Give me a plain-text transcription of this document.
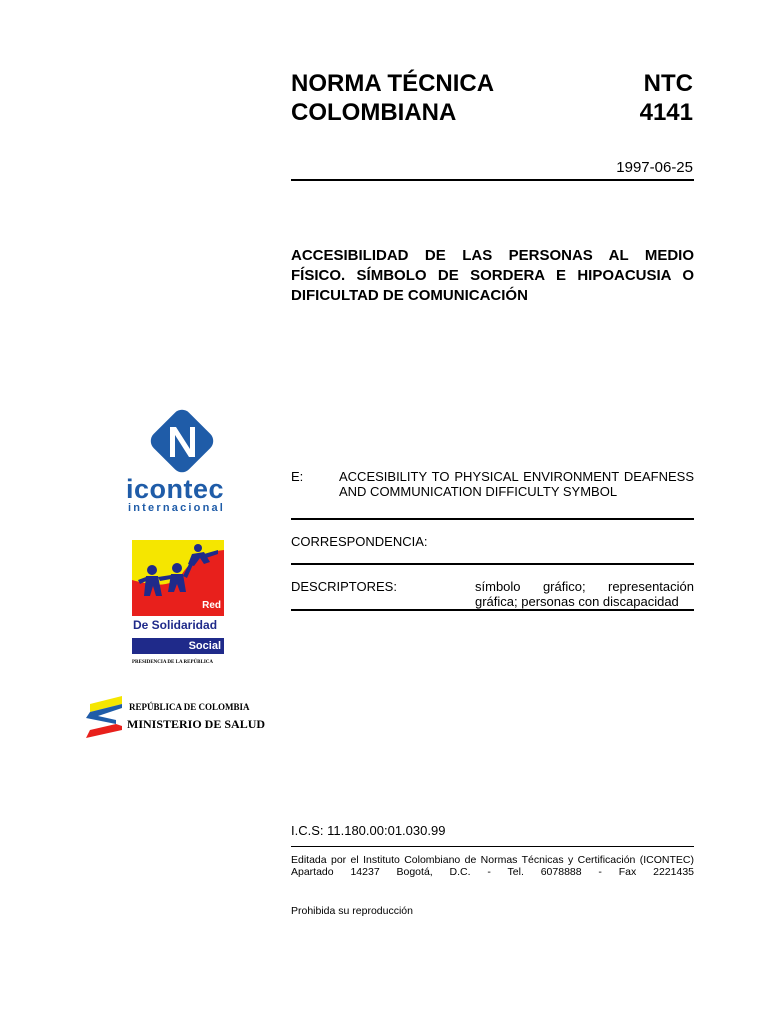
NORMA TÉCNICA
COLOMBIANA
NTC
4141
1997-06-25
ACCESIBILIDAD DE LAS PERSONAS AL MEDIO
FÍSICO. SÍMBOLO DE SORDERA E HIPOACUSIA O
DIFICULTAD DE COMUNICACIÓN
icontec
internacional
Red
De Solidaridad
Social
PRESIDENCIA DE LA REPÚBLICA
REPÚBLICA DE COLOMBIA
MINISTERIO DE SALUD
E:	ACCESIBILITY TO PHYSICAL ENVIRONMENT DEAFNESS
AND COMMUNICATION DIFFICULTY SYMBOL
CORRESPONDENCIA:
DESCRIPTORES:	símbolo gráfico; representación
gráfica; personas con discapacidad
I.C.S: 11.180.00:01.030.99
Editada por el Instituto Colombiano de Normas Técnicas y Certificación (ICONTEC)
Apartado 14237 Bogotá, D.C. - Tel. 6078888 - Fax 2221435
Prohibida su reproducción
